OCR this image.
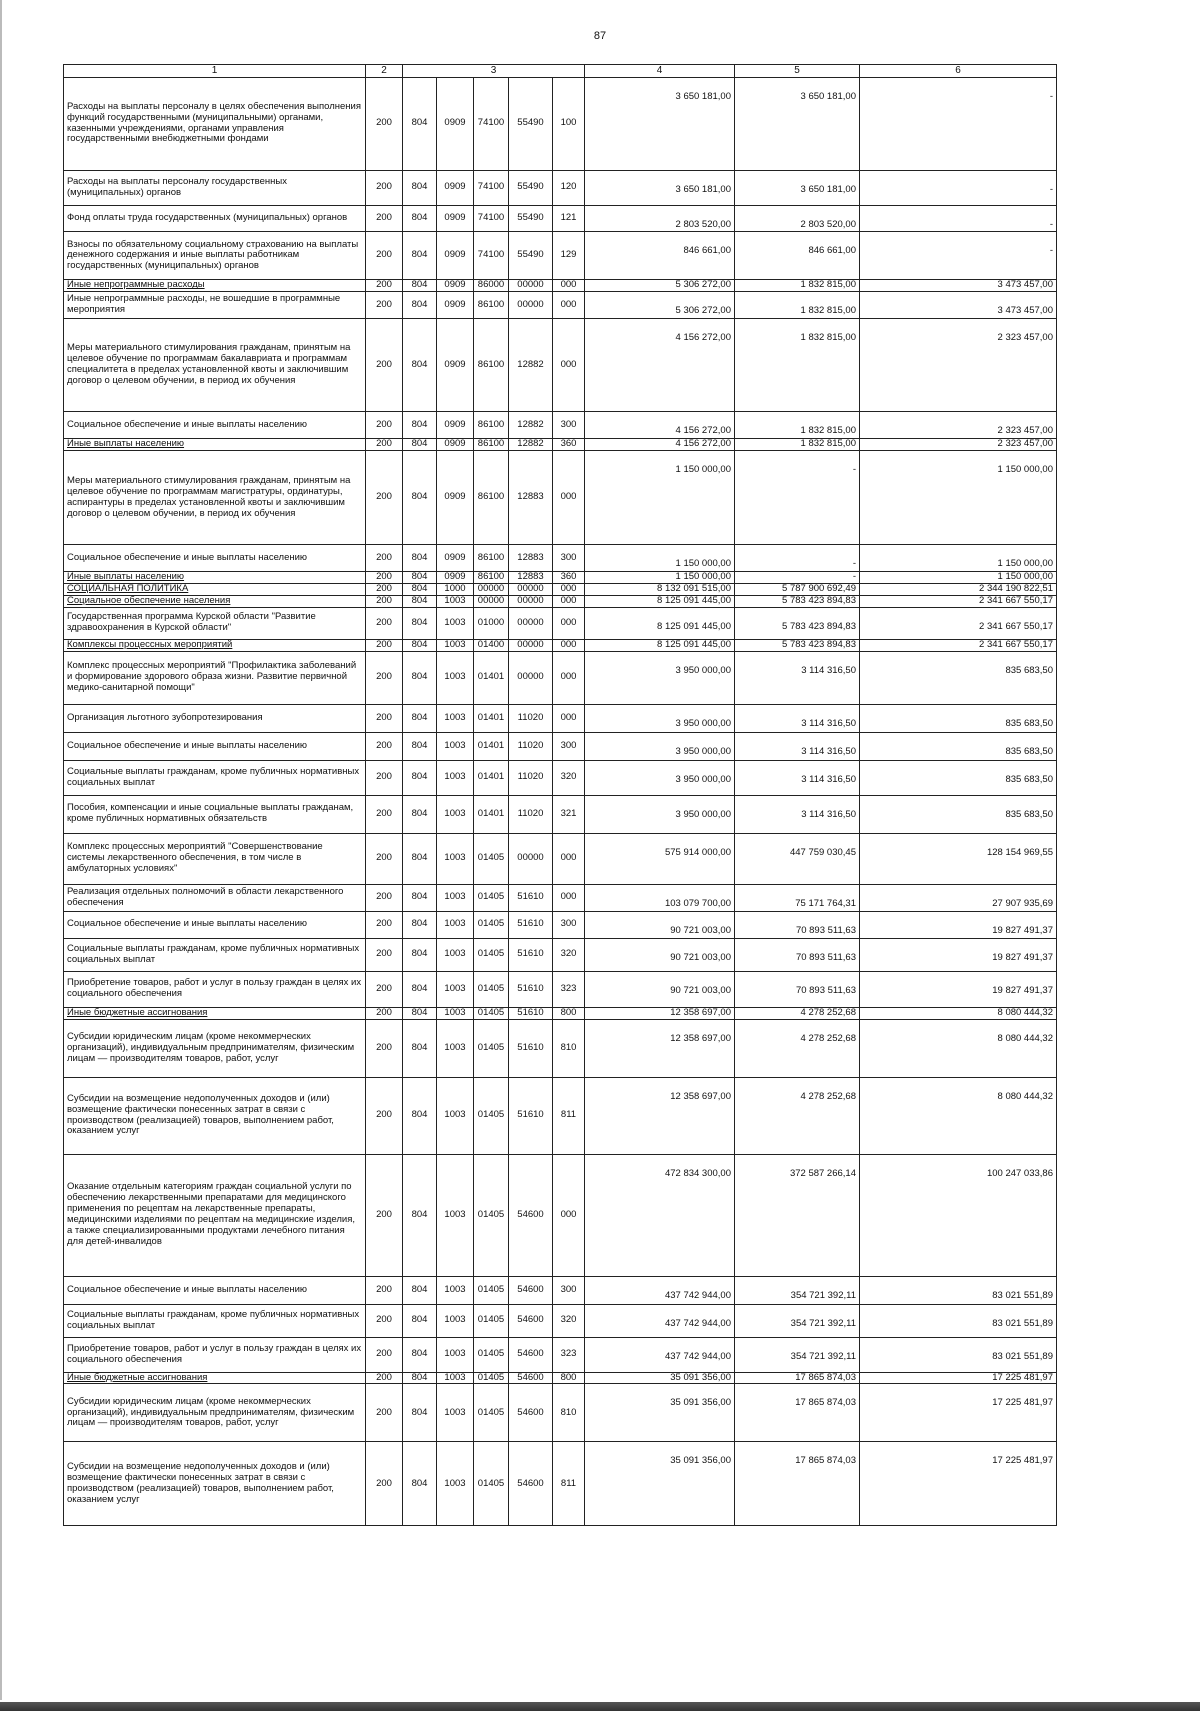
87
1	2	3					4	5	6
Расходы на выплаты персоналу в целях обеспечения выполнения функций государственными (муниципальными) органами, казенными учреждениями, органами управления государственными внебюджетными фондами	200	804	0909	74100	55490	100	3 650 181,00	3 650 181,00	-
Расходы на выплаты персоналу государственных (муниципальных) органов	200	804	0909	74100	55490	120	3 650 181,00	3 650 181,00	-
Фонд оплаты труда государственных (муниципальных) органов	200	804	0909	74100	55490	121	2 803 520,00	2 803 520,00	-
Взносы по обязательному социальному страхованию на выплаты денежного содержания и иные выплаты работникам государственных (муниципальных) органов	200	804	0909	74100	55490	129	846 661,00	846 661,00	-
Иные непрограммные расходы	200	804	0909	86000	00000	000	5 306 272,00	1 832 815,00	3 473 457,00
Иные непрограммные расходы, не вошедшие в программные мероприятия	200	804	0909	86100	00000	000	5 306 272,00	1 832 815,00	3 473 457,00
Меры материального стимулирования гражданам, принятым на целевое обучение по программам бакалавриата и программам специалитета в пределах установленной квоты и заключившим договор о целевом обучении, в период их обучения	200	804	0909	86100	12882	000	4 156 272,00	1 832 815,00	2 323 457,00
Социальное обеспечение и иные выплаты населению	200	804	0909	86100	12882	300	4 156 272,00	1 832 815,00	2 323 457,00
Иные выплаты населению	200	804	0909	86100	12882	360	4 156 272,00	1 832 815,00	2 323 457,00
Меры материального стимулирования гражданам, принятым на целевое обучение по программам магистратуры, ординатуры, аспирантуры в пределах установленной квоты и заключившим договор о целевом обучении, в период их обучения	200	804	0909	86100	12883	000	1 150 000,00	-	1 150 000,00
Социальное обеспечение и иные выплаты населению	200	804	0909	86100	12883	300	1 150 000,00	-	1 150 000,00
Иные выплаты населению	200	804	0909	86100	12883	360	1 150 000,00	-	1 150 000,00
СОЦИАЛЬНАЯ ПОЛИТИКА	200	804	1000	00000	00000	000	8 132 091 515,00	5 787 900 692,49	2 344 190 822,51
Социальное обеспечение населения	200	804	1003	00000	00000	000	8 125 091 445,00	5 783 423 894,83	2 341 667 550,17
Государственная программа Курской области "Развитие здравоохранения в Курской области"	200	804	1003	01000	00000	000	8 125 091 445,00	5 783 423 894,83	2 341 667 550,17
Комплексы процессных мероприятий	200	804	1003	01400	00000	000	8 125 091 445,00	5 783 423 894,83	2 341 667 550,17
Комплекс процессных мероприятий "Профилактика заболеваний и формирование здорового образа жизни. Развитие первичной медико-санитарной помощи"	200	804	1003	01401	00000	000	3 950 000,00	3 114 316,50	835 683,50
Организация льготного зубопротезирования	200	804	1003	01401	11020	000	3 950 000,00	3 114 316,50	835 683,50
Социальное обеспечение и иные выплаты населению	200	804	1003	01401	11020	300	3 950 000,00	3 114 316,50	835 683,50
Социальные выплаты гражданам, кроме публичных нормативных социальных выплат	200	804	1003	01401	11020	320	3 950 000,00	3 114 316,50	835 683,50
Пособия, компенсации и иные социальные выплаты гражданам, кроме публичных нормативных обязательств	200	804	1003	01401	11020	321	3 950 000,00	3 114 316,50	835 683,50
Комплекс процессных мероприятий "Совершенствование системы лекарственного обеспечения, в том числе в амбулаторных условиях"	200	804	1003	01405	00000	000	575 914 000,00	447 759 030,45	128 154 969,55
Реализация отдельных полномочий в области лекарственного обеспечения	200	804	1003	01405	51610	000	103 079 700,00	75 171 764,31	27 907 935,69
Социальное обеспечение и иные выплаты населению	200	804	1003	01405	51610	300	90 721 003,00	70 893 511,63	19 827 491,37
Социальные выплаты гражданам, кроме публичных нормативных социальных выплат	200	804	1003	01405	51610	320	90 721 003,00	70 893 511,63	19 827 491,37
Приобретение товаров, работ и услуг в пользу граждан в целях их социального обеспечения	200	804	1003	01405	51610	323	90 721 003,00	70 893 511,63	19 827 491,37
Иные бюджетные ассигнования	200	804	1003	01405	51610	800	12 358 697,00	4 278 252,68	8 080 444,32
Субсидии юридическим лицам (кроме некоммерческих организаций), индивидуальным предпринимателям, физическим лицам — производителям товаров, работ, услуг	200	804	1003	01405	51610	810	12 358 697,00	4 278 252,68	8 080 444,32
Субсидии на возмещение недополученных доходов и (или) возмещение фактически понесенных затрат в связи с производством (реализацией) товаров, выполнением работ, оказанием услуг	200	804	1003	01405	51610	811	12 358 697,00	4 278 252,68	8 080 444,32
Оказание отдельным категориям граждан социальной услуги по обеспечению лекарственными препаратами для медицинского применения по рецептам на лекарственные препараты, медицинскими изделиями по рецептам на медицинские изделия, а также специализированными продуктами лечебного питания для детей-инвалидов	200	804	1003	01405	54600	000	472 834 300,00	372 587 266,14	100 247 033,86
Социальное обеспечение и иные выплаты населению	200	804	1003	01405	54600	300	437 742 944,00	354 721 392,11	83 021 551,89
Социальные выплаты гражданам, кроме публичных нормативных социальных выплат	200	804	1003	01405	54600	320	437 742 944,00	354 721 392,11	83 021 551,89
Приобретение товаров, работ и услуг в пользу граждан в целях их социального обеспечения	200	804	1003	01405	54600	323	437 742 944,00	354 721 392,11	83 021 551,89
Иные бюджетные ассигнования	200	804	1003	01405	54600	800	35 091 356,00	17 865 874,03	17 225 481,97
Субсидии юридическим лицам (кроме некоммерческих организаций), индивидуальным предпринимателям, физическим лицам — производителям товаров, работ, услуг	200	804	1003	01405	54600	810	35 091 356,00	17 865 874,03	17 225 481,97
Субсидии на возмещение недополученных доходов и (или) возмещение фактически понесенных затрат в связи с производством (реализацией) товаров, выполнением работ, оказанием услуг	200	804	1003	01405	54600	811	35 091 356,00	17 865 874,03	17 225 481,97
